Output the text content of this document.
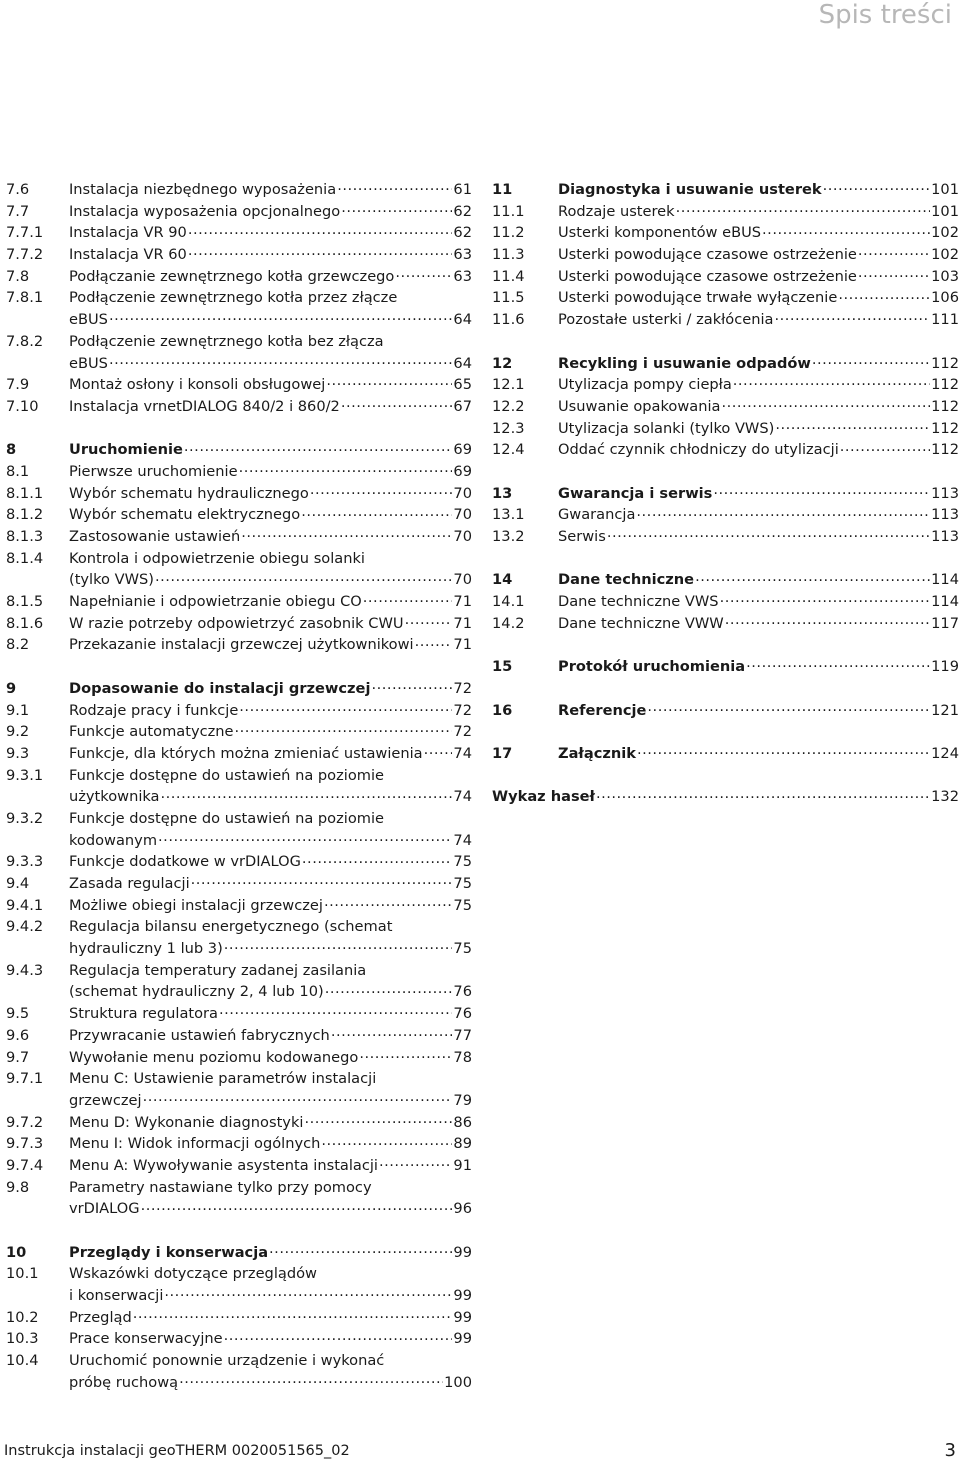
Spis treści
7.6	Instalacja niezbędnego wyposażenia .....	61
7.7	Instalacja wyposażenia opcjonalnego .....	62
7.7.1	Instalacja VR 90 .....	62
7.7.2	Instalacja VR 60 .....	63
7.8	Podłączanie zewnętrznego kotła grzewczego .....	63
7.8.1	Podłączenie zewnętrznego kotła przez złącze
eBUS .....	64
7.8.2	Podłączenie zewnętrznego kotła bez złącza
eBUS .....	64
7.9	Montaż osłony i konsoli obsługowej .....	65
7.10	Instalacja vrnetDIALOG 840/2 i 860/2 .....	67
8	Uruchomienie .....	69
8.1	Pierwsze uruchomienie .....	69
8.1.1	Wybór schematu hydraulicznego .....	70
8.1.2	Wybór schematu elektrycznego .....	70
8.1.3	Zastosowanie ustawień .....	70
8.1.4	Kontrola i odpowietrzenie obiegu solanki
(tylko VWS) .....	70
8.1.5	Napełnianie i odpowietrzanie obiegu CO .....	71
8.1.6	W razie potrzeby odpowietrzyć zasobnik CWU .....	71
8.2	Przekazanie instalacji grzewczej użytkownikowi .....	71
9	Dopasowanie do instalacji grzewczej .....	72
9.1	Rodzaje pracy i funkcje .....	72
9.2	Funkcje automatyczne .....	72
9.3	Funkcje, dla których można zmieniać ustawienia ..... 74
9.3.1	Funkcje dostępne do ustawień na poziomie
użytkownika .....	74
9.3.2	Funkcje dostępne do ustawień na poziomie
kodowanym .....	74
9.3.3	Funkcje dodatkowe w vrDIALOG .....	75
9.4	Zasada regulacji .....	75
9.4.1	Możliwe obiegi instalacji grzewczej .....	75
9.4.2	Regulacja bilansu energetycznego (schemat
hydrauliczny 1 lub 3) .....	75
9.4.3	Regulacja temperatury zadanej zasilania
(schemat hydrauliczny 2, 4 lub 10) .....	76
9.5	Struktura regulatora .....	76
9.6	Przywracanie ustawień fabrycznych .....	77
9.7	Wywołanie menu poziomu kodowanego .....	78
9.7.1	Menu C: Ustawienie parametrów instalacji
grzewczej .....	79
9.7.2	Menu D: Wykonanie diagnostyki .....	86
9.7.3	Menu I: Widok informacji ogólnych .....	89
9.7.4	Menu A: Wywoływanie asystenta instalacji .....	91
9.8	Parametry nastawiane tylko przy pomocy
vrDIALOG .....	96
10	Przeglądy i konserwacja .....	99
10.1	Wskazówki dotyczące przeglądów
i konserwacji .....	99
10.2	Przegląd .....	99
10.3	Prace konserwacyjne .....	99
10.4	Uruchomić ponownie urządzenie i wykonać
próbę ruchową .....	100
11	Diagnostyka i usuwanie usterek .....	101
11.1	Rodzaje usterek .....	101
11.2	Usterki komponentów eBUS .....	102
11.3	Usterki powodujące czasowe ostrzeżenie .....	102
11.4	Usterki powodujące czasowe ostrzeżenie .....	103
11.5	Usterki powodujące trwałe wyłączenie .....	106
11.6	Pozostałe usterki / zakłócenia .....	111
12	Recykling i usuwanie odpadów .....	112
12.1	Utylizacja pompy ciepła .....	112
12.2	Usuwanie opakowania .....	112
12.3	Utylizacja solanki (tylko VWS) .....	112
12.4	Oddać czynnik chłodniczy do utylizacji .....	112
13	Gwarancja i serwis .....	113
13.1	Gwarancja .....	113
13.2	Serwis .....	113
14	Dane techniczne .....	114
14.1	Dane techniczne VWS .....	114
14.2	Dane techniczne VWW .....	117
15	Protokół uruchomienia .....	119
16	Referencje .....	121
17	Załącznik .....	124
Wykaz haseł .....	132
Instrukcja instalacji geoTHERM 0020051565_02	3
